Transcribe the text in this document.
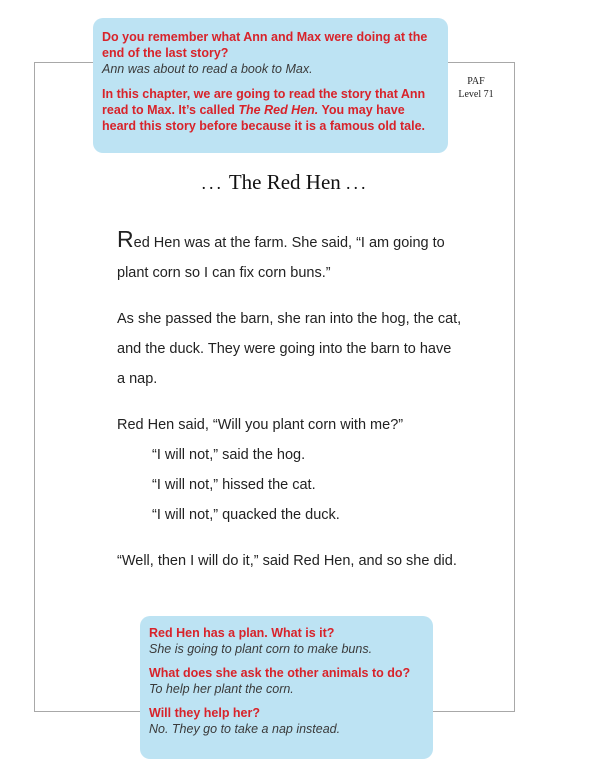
PAF
Level 71

Do you remember what Ann and Max were doing at the end of the last story?

Ann was about to read a book to Max.

In this chapter, we are going to read the story that Ann read to Max. It’s called The Red Hen. You may have heard this story before because it is a famous old tale.

... The Red Hen ...

Red Hen was at the farm. She said, “I am going to plant corn so I can fix corn buns.”

As she passed the barn, she ran into the hog, the cat, and the duck. They were going into the barn to have a nap.

Red Hen said, “Will you plant corn with me?”

“I will not,” said the hog.

“I will not,” hissed the cat.

“I will not,” quacked the duck.

“Well, then I will do it,” said Red Hen, and so she did.

Red Hen has a plan. What is it?

She is going to plant corn to make buns.

What does she ask the other animals to do?

To help her plant the corn.

Will they help her?

No. They go to take a nap instead.
